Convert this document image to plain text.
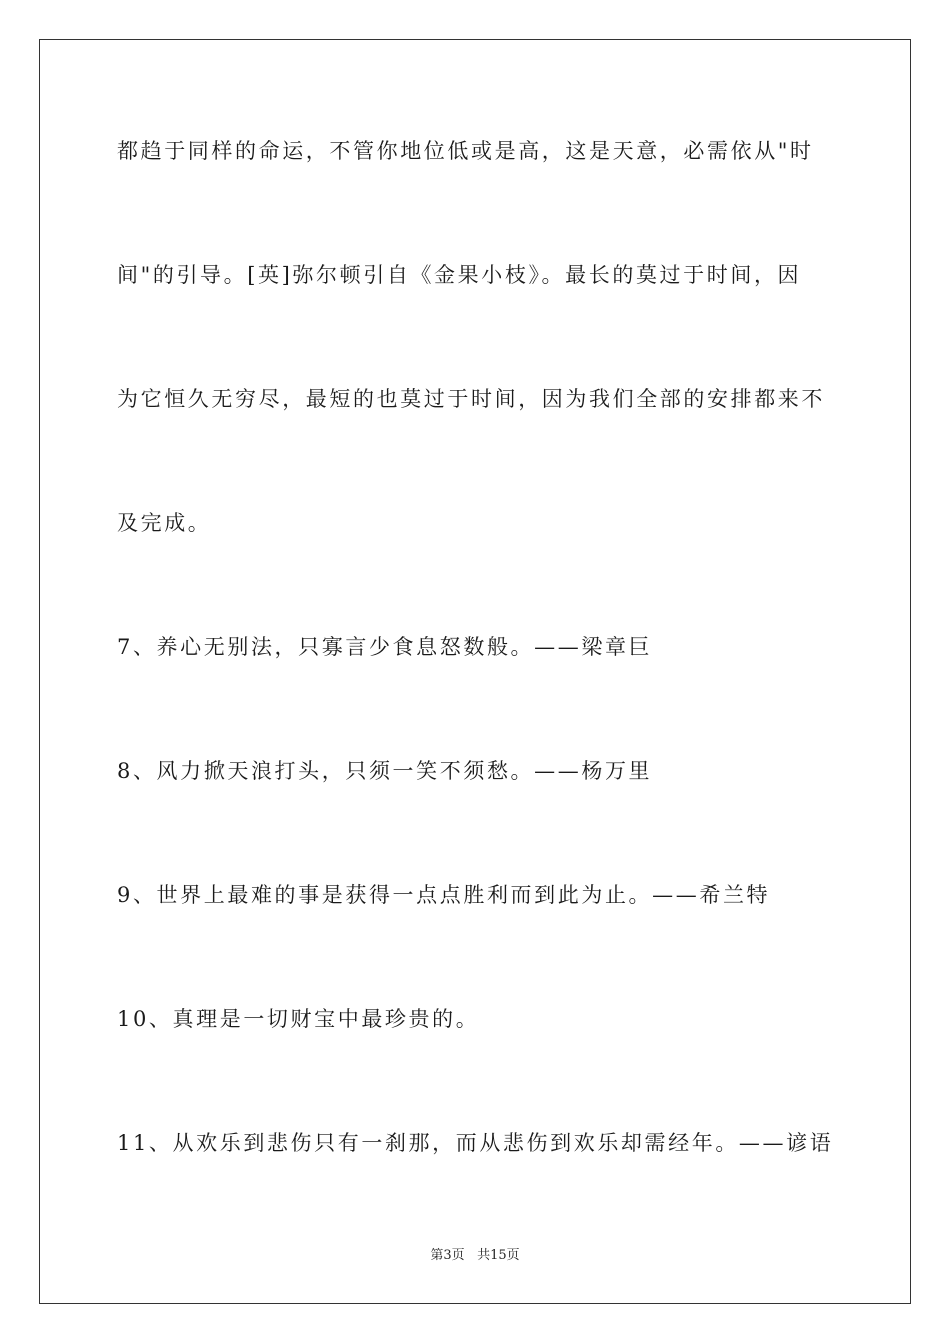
都趋于同样的命运，不管你地位低或是高，这是天意，必需依从"时
间"的引导。[英]弥尔顿引自《金果小枝》。最长的莫过于时间，因
为它恒久无穷尽，最短的也莫过于时间，因为我们全部的安排都来不
及完成。
7、养心无别法，只寡言少食息怒数般。——梁章巨
8、风力掀天浪打头，只须一笑不须愁。——杨万里
9、世界上最难的事是获得一点点胜利而到此为止。——希兰特
10、真理是一切财宝中最珍贵的。
11、从欢乐到悲伤只有一刹那，而从悲伤到欢乐却需经年。——谚语
第3页 共15页
